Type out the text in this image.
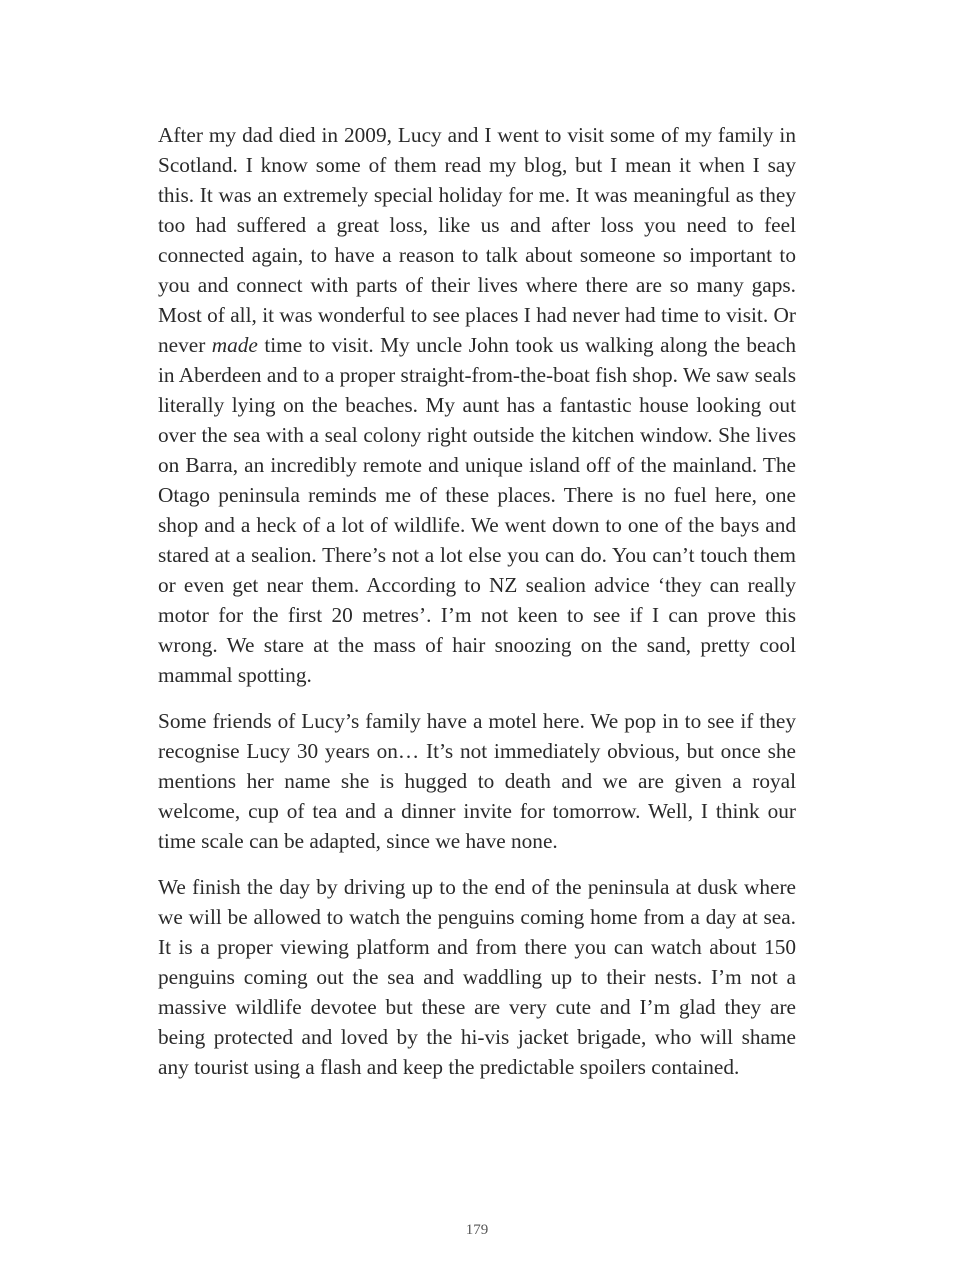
After my dad died in 2009, Lucy and I went to visit some of my family in Scotland. I know some of them read my blog, but I mean it when I say this. It was an extremely special holiday for me. It was meaningful as they too had suffered a great loss, like us and after loss you need to feel connected again, to have a reason to talk about someone so important to you and connect with parts of their lives where there are so many gaps. Most of all, it was wonderful to see places I had never had time to visit. Or never made time to visit. My uncle John took us walking along the beach in Aberdeen and to a proper straight-from-the-boat fish shop. We saw seals literally lying on the beaches. My aunt has a fantastic house looking out over the sea with a seal colony right outside the kitchen window. She lives on Barra, an incredibly remote and unique island off of the mainland. The Otago peninsula reminds me of these places. There is no fuel here, one shop and a heck of a lot of wildlife. We went down to one of the bays and stared at a sealion. There’s not a lot else you can do. You can’t touch them or even get near them. According to NZ sealion advice ‘they can really motor for the first 20 metres’. I’m not keen to see if I can prove this wrong. We stare at the mass of hair snoozing on the sand, pretty cool mammal spotting.

Some friends of Lucy’s family have a motel here. We pop in to see if they recognise Lucy 30 years on… It’s not immediately obvious, but once she mentions her name she is hugged to death and we are given a royal welcome, cup of tea and a dinner invite for tomorrow. Well, I think our time scale can be adapted, since we have none.

We finish the day by driving up to the end of the peninsula at dusk where we will be allowed to watch the penguins coming home from a day at sea. It is a proper viewing platform and from there you can watch about 150 penguins coming out the sea and waddling up to their nests. I’m not a massive wildlife devotee but these are very cute and I’m glad they are being protected and loved by the hi-vis jacket brigade, who will shame any tourist using a flash and keep the predictable spoilers contained.

179
